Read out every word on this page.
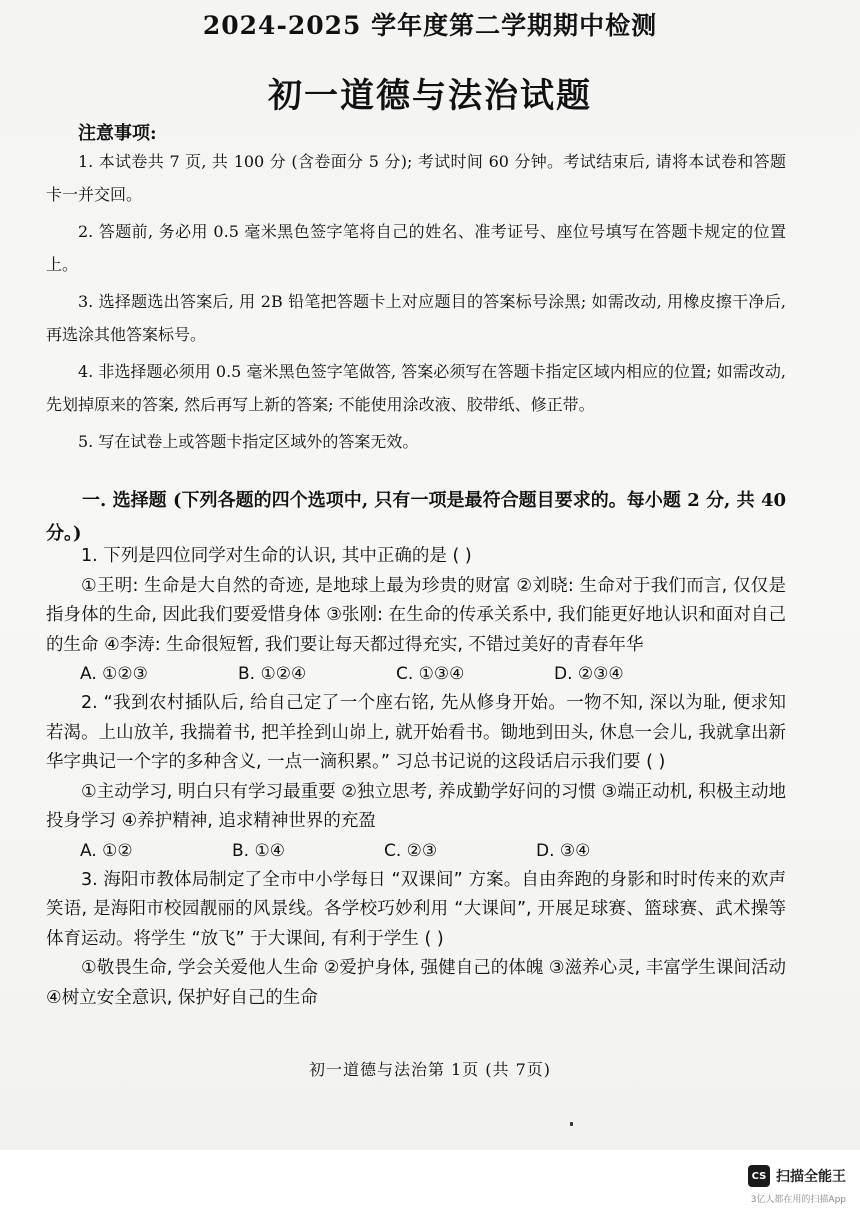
2024-2025 学年度第二学期期中检测
初一道德与法治试题
注意事项:

1. 本试卷共 7 页, 共 100 分 (含卷面分 5 分); 考试时间 60 分钟。考试结束后, 请将本试卷和答题卡一并交回。

2. 答题前, 务必用 0.5 毫米黑色签字笔将自己的姓名、准考证号、座位号填写在答题卡规定的位置上。

3. 选择题选出答案后, 用 2B 铅笔把答题卡上对应题目的答案标号涂黑; 如需改动, 用橡皮擦干净后, 再选涂其他答案标号。

4. 非选择题必须用 0.5 毫米黑色签字笔做答, 答案必须写在答题卡指定区域内相应的位置; 如需改动, 先划掉原来的答案, 然后再写上新的答案; 不能使用涂改液、胶带纸、修正带。

5. 写在试卷上或答题卡指定区域外的答案无效。

一. 选择题 (下列各题的四个选项中, 只有一项是最符合题目要求的。每小题 2 分, 共 40 分。)

1. 下列是四位同学对生命的认识, 其中正确的是 ( )

①王明: 生命是大自然的奇迹, 是地球上最为珍贵的财富 ②刘晓: 生命对于我们而言, 仅仅是指身体的生命, 因此我们要爱惜身体 ③张刚: 在生命的传承关系中, 我们能更好地认识和面对自己的生命 ④李涛: 生命很短暂, 我们要让每天都过得充实, 不错过美好的青春年华

A. ①②③	B. ①②④	C. ①③④	D. ②③④

2. “我到农村插队后, 给自己定了一个座右铭, 先从修身开始。一物不知, 深以为耻, 便求知若渴。上山放羊, 我揣着书, 把羊拴到山峁上, 就开始看书。锄地到田头, 休息一会儿, 我就拿出新华字典记一个字的多种含义, 一点一滴积累。” 习总书记说的这段话启示我们要 ( )

①主动学习, 明白只有学习最重要 ②独立思考, 养成勤学好问的习惯 ③端正动机, 积极主动地投身学习 ④养护精神, 追求精神世界的充盈

A. ①②	B. ①④	C. ②③	D. ③④

3. 海阳市教体局制定了全市中小学每日 “双课间” 方案。自由奔跑的身影和时时传来的欢声笑语, 是海阳市校园靓丽的风景线。各学校巧妙利用 “大课间”, 开展足球赛、篮球赛、武术操等体育运动。将学生 “放飞” 于大课间, 有利于学生 ( )

①敬畏生命, 学会关爱他人生命 ②爱护身体, 强健自己的体魄 ③滋养心灵, 丰富学生课间活动 ④树立安全意识, 保护好自己的生命

初一道德与法治第 1页 (共 7页)
CS 扫描全能王
3亿人都在用的扫描App
